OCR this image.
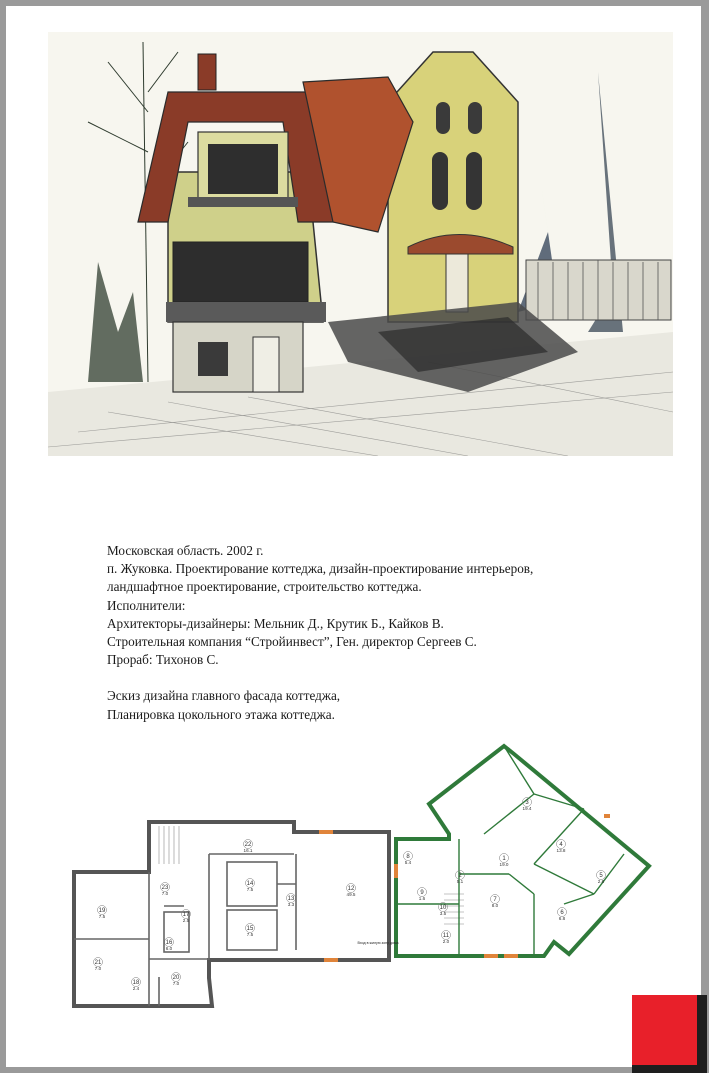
Московская область. 2002 г.
п. Жуковка. Проектирование коттеджа, дизайн-проектирование интерьеров,
ландшафтное проектирование, строительство коттеджа.
Исполнители:
Архитекторы-дизайнеры: Мельник Д., Крутик Б., Кайков В.
Строительная компания “Стройинвест”, Ген. директор Сергеев С.
Прораб: Тихонов С.
Эскиз дизайна главного фасада коттеджа,
Планировка цокольного этажа коттеджа.
1
19.0
2
5.1
3
19.4
4
13.8
5
2.6
6
6.8
7
8.0
8
5.4
9
1.6
10
3.5
11
2.0
12
49.5
13
3.3
14
7.5
15
7.5
16
6.0
17
2.5
18
2.4
19
7.5
20
7.0
21
7.0
22
16.1
23
7.0
Вход в жилую зону дома
